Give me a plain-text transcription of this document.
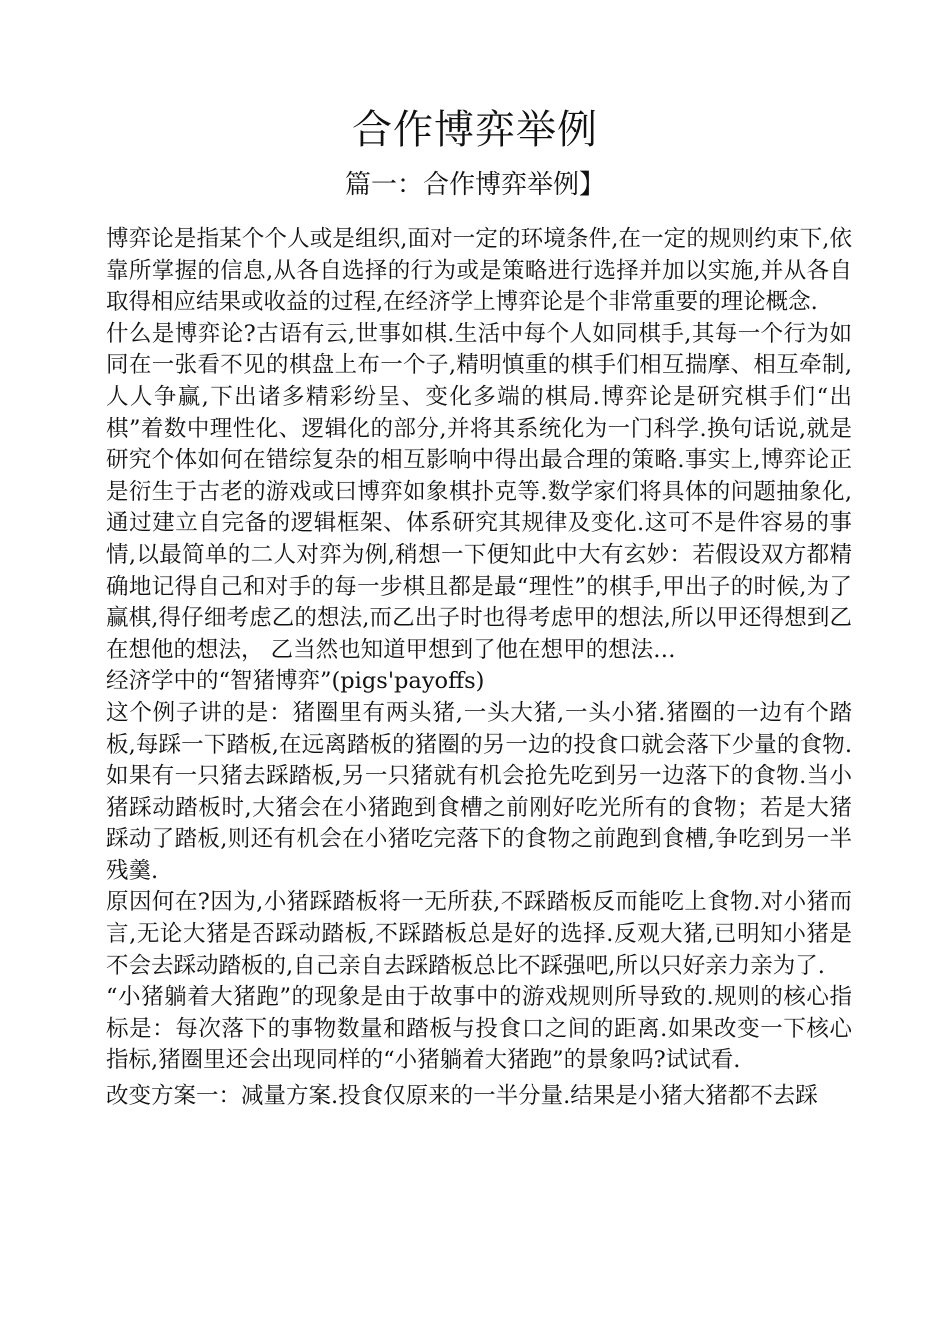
合作博弈举例
篇一：合作博弈举例】

博弈论是指某个个人或是组织,面对一定的环境条件,在一定的规则约束下,依靠所掌握的信息,从各自选择的行为或是策略进行选择并加以实施,并从各自取得相应结果或收益的过程,在经济学上博弈论是个非常重要的理论概念.

什么是博弈论?古语有云,世事如棋.生活中每个人如同棋手,其每一个行为如同在一张看不见的棋盘上布一个子,精明慎重的棋手们相互揣摩、相互牵制,人人争赢,下出诸多精彩纷呈、变化多端的棋局.博弈论是研究棋手们“出棋”着数中理性化、逻辑化的部分,并将其系统化为一门科学.换句话说,就是研究个体如何在错综复杂的相互影响中得出最合理的策略.事实上,博弈论正是衍生于古老的游戏或曰博弈如象棋扑克等.数学家们将具体的问题抽象化,通过建立自完备的逻辑框架、体系研究其规律及变化.这可不是件容易的事情,以最简单的二人对弈为例,稍想一下便知此中大有玄妙：若假设双方都精确地记得自己和对手的每一步棋且都是最“理性”的棋手,甲出子的时候,为了赢棋,得仔细考虑乙的想法,而乙出子时也得考虑甲的想法,所以甲还得想到乙在想他的想法， 乙当然也知道甲想到了他在想甲的想法…

经济学中的“智猪博弈”(pigs'payoffs)

这个例子讲的是：猪圈里有两头猪,一头大猪,一头小猪.猪圈的一边有个踏板,每踩一下踏板,在远离踏板的猪圈的另一边的投食口就会落下少量的食物.如果有一只猪去踩踏板,另一只猪就有机会抢先吃到另一边落下的食物.当小猪踩动踏板时,大猪会在小猪跑到食槽之前刚好吃光所有的食物；若是大猪踩动了踏板,则还有机会在小猪吃完落下的食物之前跑到食槽,争吃到另一半残羹.

原因何在?因为,小猪踩踏板将一无所获,不踩踏板反而能吃上食物.对小猪而言,无论大猪是否踩动踏板,不踩踏板总是好的选择.反观大猪,已明知小猪是不会去踩动踏板的,自己亲自去踩踏板总比不踩强吧,所以只好亲力亲为了.

“小猪躺着大猪跑”的现象是由于故事中的游戏规则所导致的.规则的核心指标是：每次落下的事物数量和踏板与投食口之间的距离.如果改变一下核心指标,猪圈里还会出现同样的“小猪躺着大猪跑”的景象吗?试试看.

改变方案一：减量方案.投食仅原来的一半分量.结果是小猪大猪都不去踩
